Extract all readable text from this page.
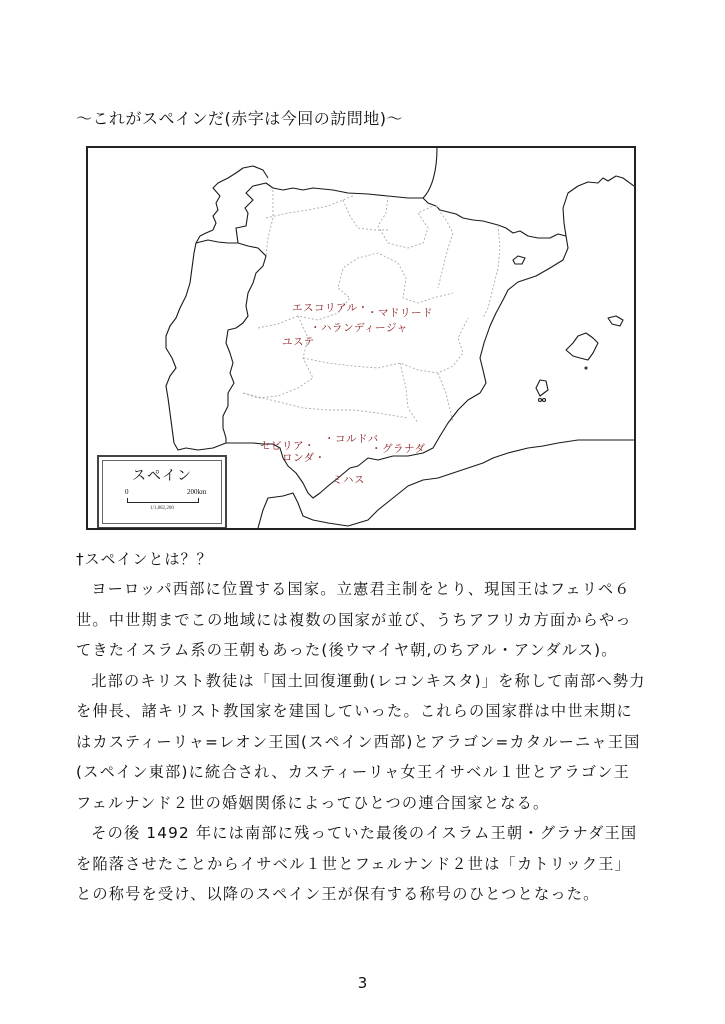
～これがスペインだ(赤字は今回の訪問地)～
エスコリアル・
・マドリード
・ハランディージャ
ユステ
セビリア・
・コルドバ
・グラナダ
ロンダ・
ミハス
スペイン
0	200km
1/1,882,200
†スペインとは？？

ヨーロッパ西部に位置する国家。立憲君主制をとり、現国王はフェリペ６世。中世期までこの地域には複数の国家が並び、うちアフリカ方面からやってきたイスラム系の王朝もあった(後ウマイヤ朝,のちアル・アンダルス)。

北部のキリスト教徒は「国土回復運動(レコンキスタ)」を称して南部へ勢力を伸長、諸キリスト教国家を建国していった。これらの国家群は中世末期にはカスティーリャ=レオン王国(スペイン西部)とアラゴン=カタルーニャ王国(スペイン東部)に統合され、カスティーリャ女王イサベル１世とアラゴン王フェルナンド２世の婚姻関係によってひとつの連合国家となる。

その後 1492 年には南部に残っていた最後のイスラム王朝・グラナダ王国を陥落させたことからイサベル１世とフェルナンド２世は「カトリック王」との称号を受け、以降のスペイン王が保有する称号のひとつとなった。

3
